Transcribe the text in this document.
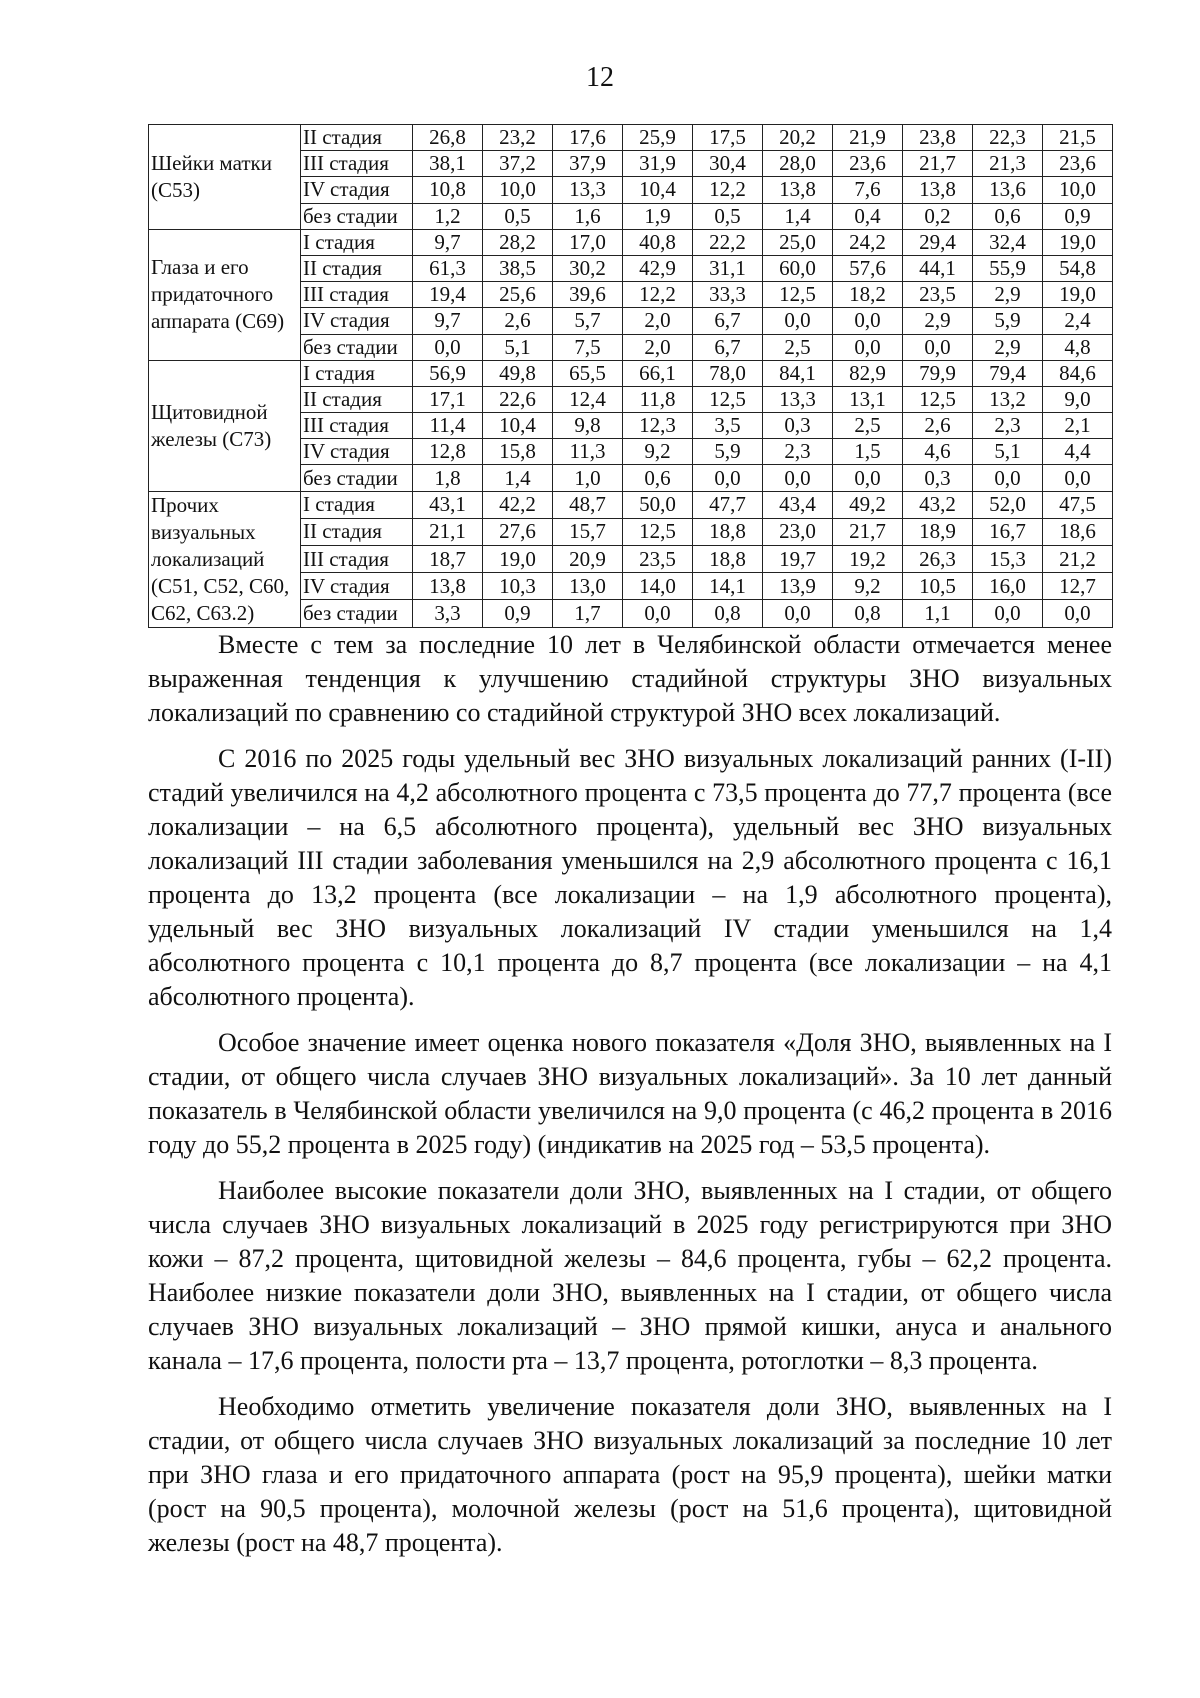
12
Шейки матки (С53)	II стадия	26,8	23,2	17,6	25,9	17,5	20,2	21,9	23,8	22,3	21,5
	III стадия	38,1	37,2	37,9	31,9	30,4	28,0	23,6	21,7	21,3	23,6
	IV стадия	10,8	10,0	13,3	10,4	12,2	13,8	7,6	13,8	13,6	10,0
	без стадии	1,2	0,5	1,6	1,9	0,5	1,4	0,4	0,2	0,6	0,9
Глаза и его придаточного аппарата (С69)	I стадия	9,7	28,2	17,0	40,8	22,2	25,0	24,2	29,4	32,4	19,0
	II стадия	61,3	38,5	30,2	42,9	31,1	60,0	57,6	44,1	55,9	54,8
	III стадия	19,4	25,6	39,6	12,2	33,3	12,5	18,2	23,5	2,9	19,0
	IV стадия	9,7	2,6	5,7	2,0	6,7	0,0	0,0	2,9	5,9	2,4
	без стадии	0,0	5,1	7,5	2,0	6,7	2,5	0,0	0,0	2,9	4,8
Щитовидной железы (С73)	I стадия	56,9	49,8	65,5	66,1	78,0	84,1	82,9	79,9	79,4	84,6
	II стадия	17,1	22,6	12,4	11,8	12,5	13,3	13,1	12,5	13,2	9,0
	III стадия	11,4	10,4	9,8	12,3	3,5	0,3	2,5	2,6	2,3	2,1
	IV стадия	12,8	15,8	11,3	9,2	5,9	2,3	1,5	4,6	5,1	4,4
	без стадии	1,8	1,4	1,0	0,6	0,0	0,0	0,0	0,3	0,0	0,0
Прочих визуальных локализаций (С51, С52, С60, С62, С63.2)	I стадия	43,1	42,2	48,7	50,0	47,7	43,4	49,2	43,2	52,0	47,5
	II стадия	21,1	27,6	15,7	12,5	18,8	23,0	21,7	18,9	16,7	18,6
	III стадия	18,7	19,0	20,9	23,5	18,8	19,7	19,2	26,3	15,3	21,2
	IV стадия	13,8	10,3	13,0	14,0	14,1	13,9	9,2	10,5	16,0	12,7
	без стадии	3,3	0,9	1,7	0,0	0,8	0,0	0,8	1,1	0,0	0,0

Вместе с тем за последние 10 лет в Челябинской области отмечается менее выраженная тенденция к улучшению стадийной структуры ЗНО визуальных локализаций по сравнению со стадийной структурой ЗНО всех локализаций.

С 2016 по 2025 годы удельный вес ЗНО визуальных локализаций ранних (I-II) стадий увеличился на 4,2 абсолютного процента с 73,5 процента до 77,7 процента (все локализации – на 6,5 абсолютного процента), удельный вес ЗНО визуальных локализаций III стадии заболевания уменьшился на 2,9 абсолютного процента с 16,1 процента до 13,2 процента (все локализации – на 1,9 абсолютного процента), удельный вес ЗНО визуальных локализаций IV стадии уменьшился на 1,4 абсолютного процента с 10,1 процента до 8,7 процента (все локализации – на 4,1 абсолютного процента).

Особое значение имеет оценка нового показателя «Доля ЗНО, выявленных на I стадии, от общего числа случаев ЗНО визуальных локализаций». За 10 лет данный показатель в Челябинской области увеличился на 9,0 процента (с 46,2 процента в 2016 году до 55,2 процента в 2025 году) (индикатив на 2025 год – 53,5 процента).

Наиболее высокие показатели доли ЗНО, выявленных на I стадии, от общего числа случаев ЗНО визуальных локализаций в 2025 году регистрируются при ЗНО кожи – 87,2 процента, щитовидной железы – 84,6 процента, губы – 62,2 процента. Наиболее низкие показатели доли ЗНО, выявленных на I стадии, от общего числа случаев ЗНО визуальных локализаций – ЗНО прямой кишки, ануса и анального канала – 17,6 процента, полости рта – 13,7 процента, ротоглотки – 8,3 процента.

Необходимо отметить увеличение показателя доли ЗНО, выявленных на I стадии, от общего числа случаев ЗНО визуальных локализаций за последние 10 лет при ЗНО глаза и его придаточного аппарата (рост на 95,9 процента), шейки матки (рост на 90,5 процента), молочной железы (рост на 51,6 процента), щитовидной железы (рост на 48,7 процента).
